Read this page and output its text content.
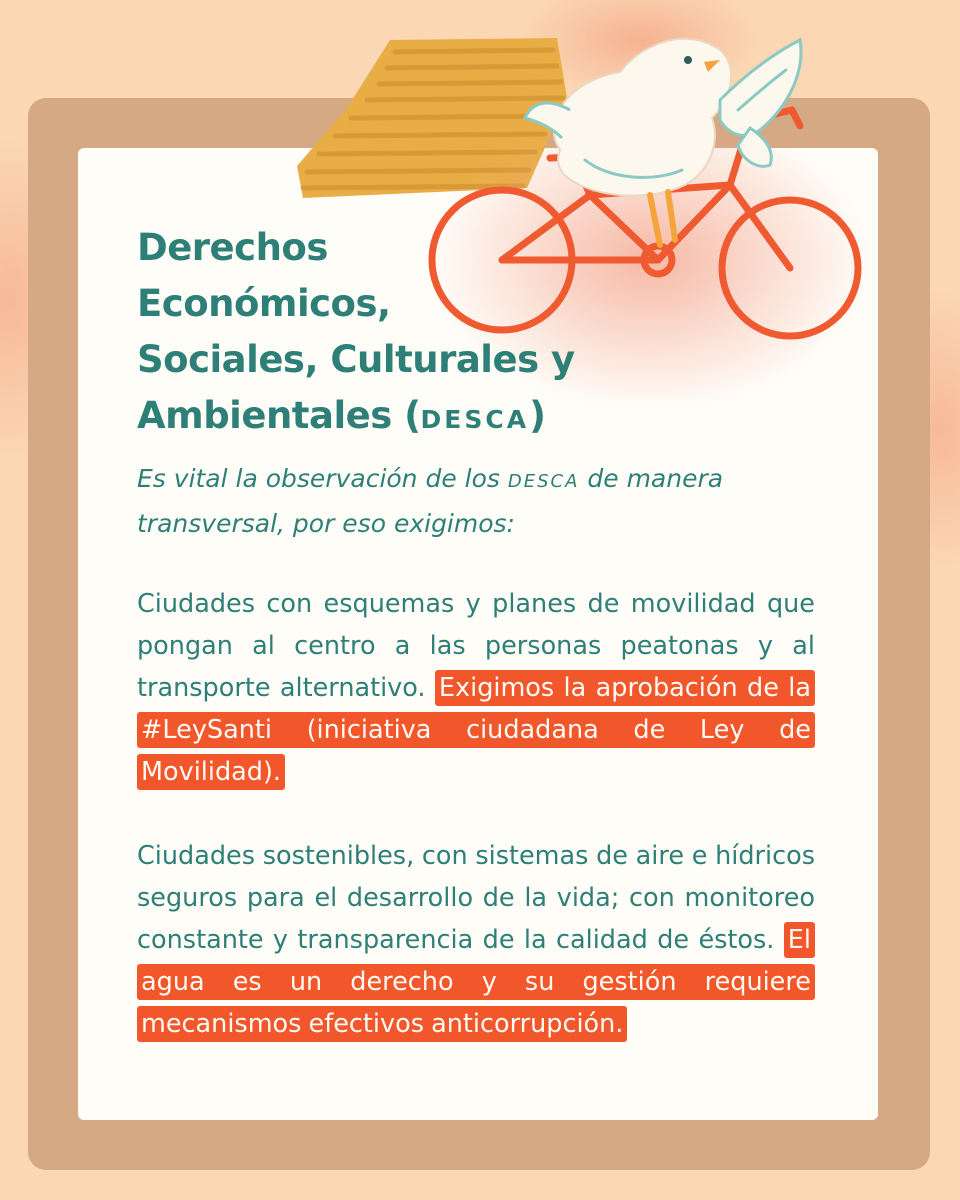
Derechos
Económicos,
Sociales, Culturales y
Ambientales (DESCA)

Es vital la observación de los DESCA de manera transversal, por eso exigimos:

Ciudades con esquemas y planes de movilidad que pongan al centro a las personas peatonas y al transporte alternativo. Exigimos la aprobación de la #LeySanti (iniciativa ciudadana de Ley de Movilidad).

Ciudades sostenibles, con sistemas de aire e hídricos seguros para el desarrollo de la vida; con monitoreo constante y transparencia de la calidad de éstos. El agua es un derecho y su gestión requiere mecanismos efectivos anticorrupción.
